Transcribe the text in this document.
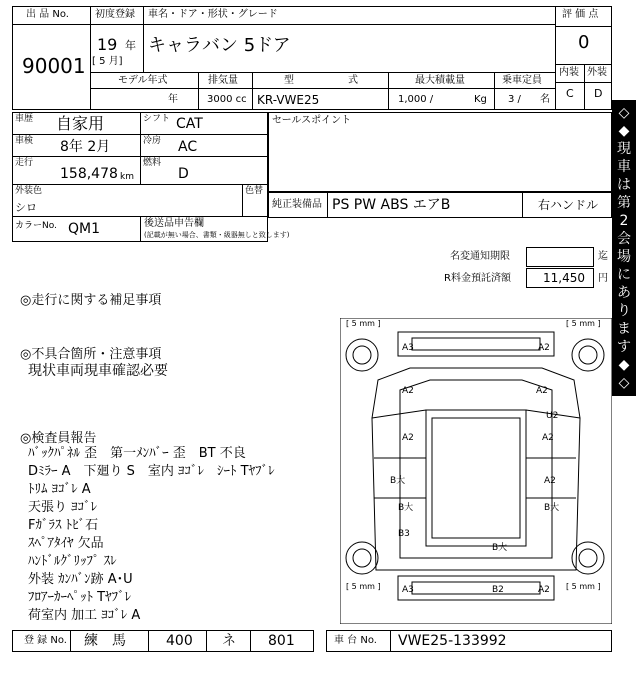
出 品 No.
90001
初度登録
19 年
[ 5 月]
車名・ドア・形状・グレード
キャラバン 5ドア
評 価 点
0
内装 外装
C D
モデル年式
年
排気量
3000 cc
型	式
KR-VWE25
最大積載量
1,000 /	Kg
乗車定員
3 / 名
車歴 自家用	シフト CAT
車検 8年 2月	冷房 AC
走行
158,478 km
燃料
D
外装色
シロ
色替
カラーNo. QM1	後送品申告欄
(記載が無い場合、書類・級器無しと致します)
セールスポイント
純正装備品 PS PW ABS エアB	右ハンドル
名変通知期限	迄
R料金預託済額	11,450 円
◎走行に関する補足事項
◎不具合箇所・注意事項
現状車両現車確認必要
◎検査員報告
ﾊﾞｯｸﾊﾟﾈﾙ 歪　第一ﾒﾝﾊﾞｰ 歪　BT 不良
Dﾐﾗｰ A　下廻り S　室内 ﾖｺﾞﾚ　ｼｰﾄ Tﾔﾌﾞﾚ
ﾄﾘﾑ ﾖｺﾞﾚ A
天張り ﾖｺﾞﾚ
Fｶﾞﾗｽ ﾄﾋﾞ石
ｽﾍﾟｱﾀｲﾔ 欠品
ﾊﾝﾄﾞﾙｸﾞﾘｯﾌﾟ ｽﾚ
外装 ｶﾝﾊﾞﾝ跡 A･U
ﾌﾛｱｰｶｰﾍﾟｯﾄ Tﾔﾌﾞﾚ
荷室内 加工 ﾖｺﾞﾚ A
[ 5 mm ]	[ 5 mm ]
[ 5 mm ]	[ 5 mm ]
A3	A2
A2	A2
U2
A2	A2
B大	A2
B大	B大
B3
B大
A3	B2	A2
登 録 No. 練　馬	400 ネ 801	車 台 No. VWE25-133992
◇
◆
現
車
は
第
2
会
場
に
あ
り
ま
す
◆
◇
